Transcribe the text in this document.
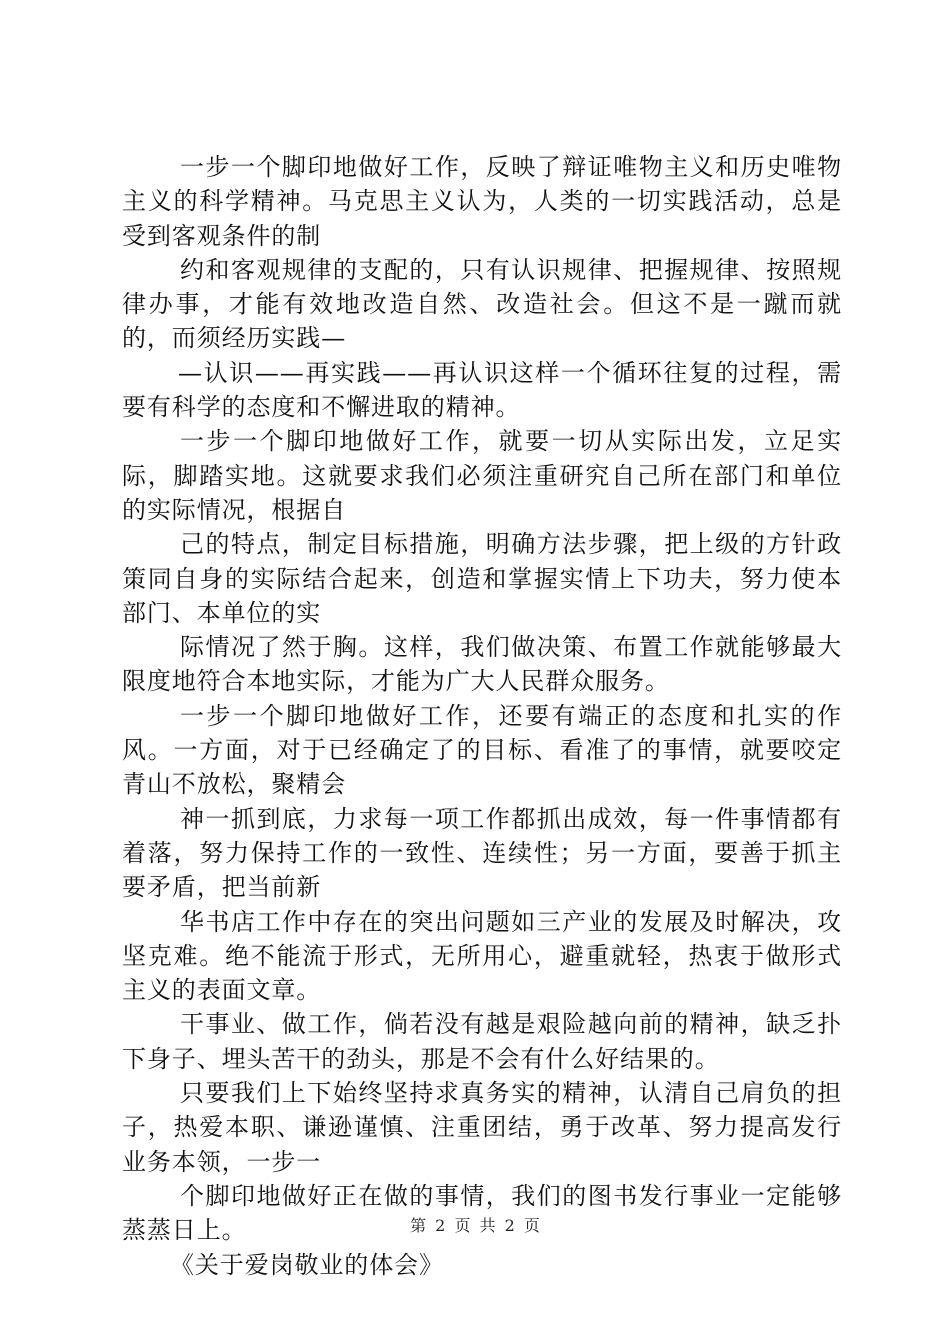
一步一个脚印地做好工作，反映了辩证唯物主义和历史唯物主义的科学精神。马克思主义认为，人类的一切实践活动，总是受到客观条件的制

约和客观规律的支配的，只有认识规律、把握规律、按照规律办事，才能有效地改造自然、改造社会。但这不是一蹴而就的，而须经历实践—

—认识——再实践——再认识这样一个循环往复的过程，需要有科学的态度和不懈进取的精神。

一步一个脚印地做好工作，就要一切从实际出发，立足实际，脚踏实地。这就要求我们必须注重研究自己所在部门和单位的实际情况，根据自

己的特点，制定目标措施，明确方法步骤，把上级的方针政策同自身的实际结合起来，创造和掌握实情上下功夫，努力使本部门、本单位的实

际情况了然于胸。这样，我们做决策、布置工作就能够最大限度地符合本地实际，才能为广大人民群众服务。

一步一个脚印地做好工作，还要有端正的态度和扎实的作风。一方面，对于已经确定了的目标、看准了的事情，就要咬定青山不放松，聚精会

神一抓到底，力求每一项工作都抓出成效，每一件事情都有着落，努力保持工作的一致性、连续性；另一方面，要善于抓主要矛盾，把当前新

华书店工作中存在的突出问题如三产业的发展及时解决，攻坚克难。绝不能流于形式，无所用心，避重就轻，热衷于做形式主义的表面文章。

干事业、做工作，倘若没有越是艰险越向前的精神，缺乏扑下身子、埋头苦干的劲头，那是不会有什么好结果的。

只要我们上下始终坚持求真务实的精神，认清自己肩负的担子，热爱本职、谦逊谨慎、注重团结，勇于改革、努力提高发行业务本领，一步一

个脚印地做好正在做的事情，我们的图书发行事业一定能够蒸蒸日上。

《关于爱岗敬业的体会》

第 2 页 共 2 页
